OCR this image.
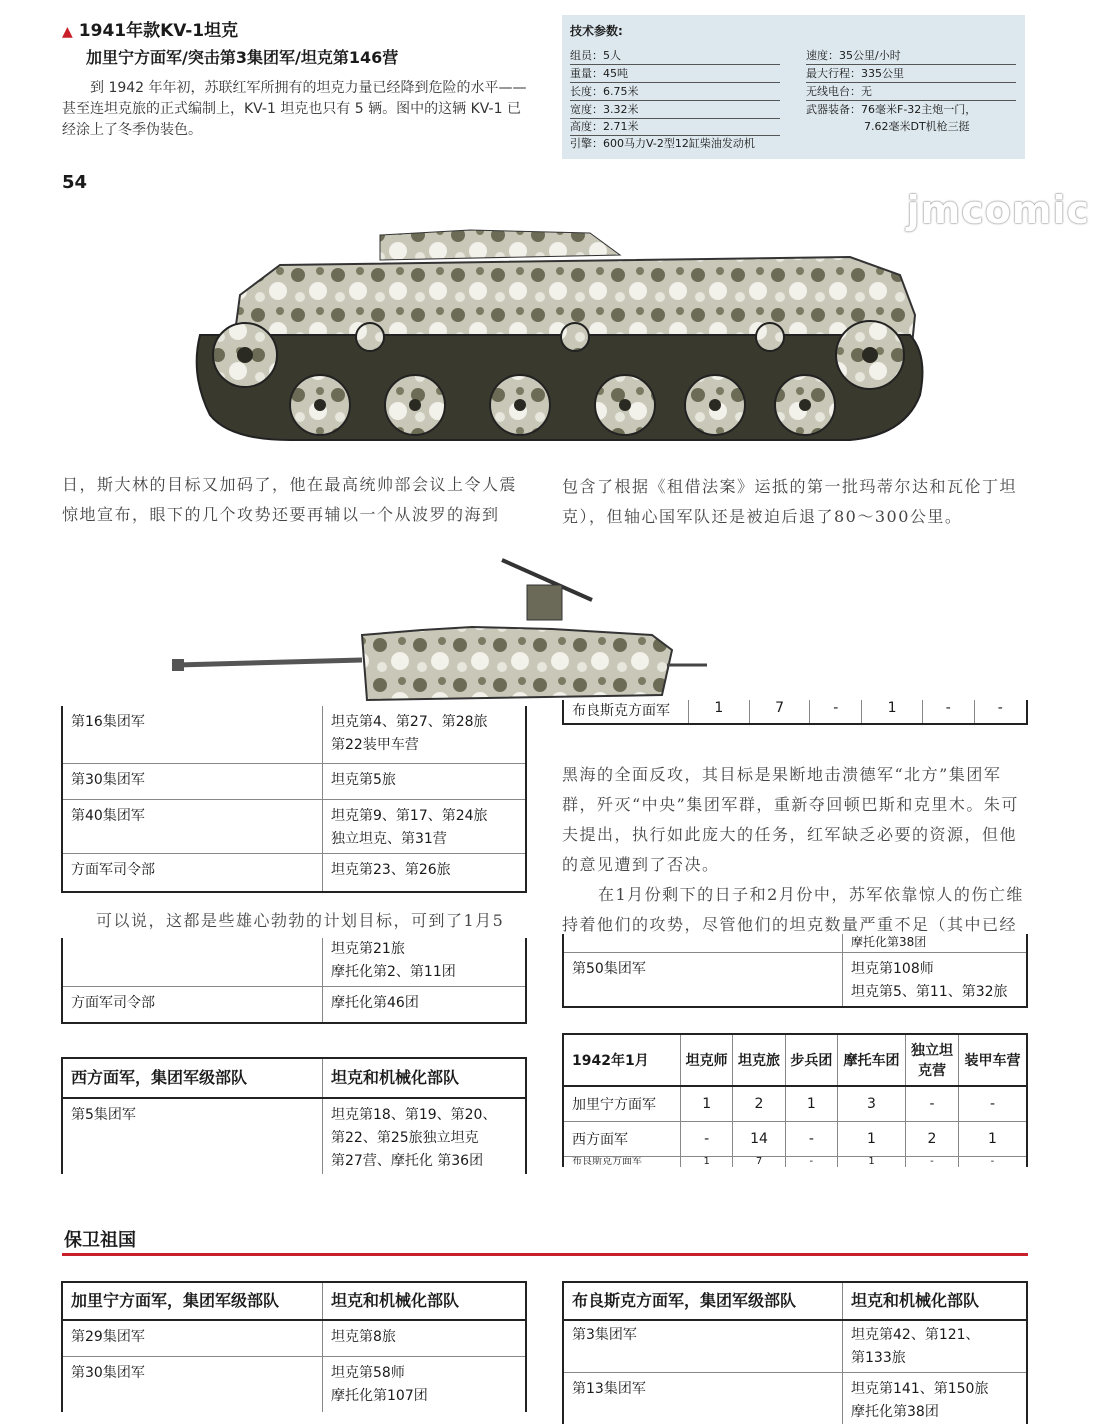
▲ 1941年款KV-1坦克
加里宁方面军/突击第3集团军/坦克第146营
到 1942 年年初，苏联红军所拥有的坦克力量已经降到危险的水平——甚至连坦克旅的正式编制上，KV-1 坦克也只有 5 辆。图中的这辆 KV-1 已经涂上了冬季伪装色。
54
jmcomic
技术参数:
组员：5人
重量：45吨
长度：6.75米
宽度：3.32米
高度：2.71米
引擎：600马力V-2型12缸柴油发动机
速度：35公里/小时
最大行程：335公里
无线电台：无
武器装备：76毫米F-32主炮一门，
7.62毫米DT机枪三挺
日，斯大林的目标又加码了，他在最高统帅部会议上令人震惊地宣布，眼下的几个攻势还要再辅以一个从波罗的海到
包含了根据《租借法案》运抵的第一批玛蒂尔达和瓦伦丁坦克），但轴心国军队还是被迫后退了80～300公里。
布良斯克方面军	1	7	-	1	-	-
第16集团军	坦克第4、第27、第28旅
第22装甲车营

第30集团军	坦克第5旅

第40集团军	坦克第9、第17、第24旅
独立坦克、第31营

方面军司令部	坦克第23、第26旅
黑海的全面反攻，其目标是果断地击溃德军“北方”集团军群，歼灭“中央”集团军群，重新夺回顿巴斯和克里木。朱可夫提出，执行如此庞大的任务，红军缺乏必要的资源，但他的意见遭到了否决。
在1月份剩下的日子和2月份中，苏军依靠惊人的伤亡维持着他们的攻势，尽管他们的坦克数量严重不足（其中已经
可以说，这都是些雄心勃勃的计划目标，可到了1月5

	坦克第21旅
摩托化第2、第11团

方面军司令部	摩托化第46团

	摩托化第38团

第50集团军	坦克第108师
坦克第5、第11、第32旅
西方面军，集团军级部队	坦克和机械化部队
第5集团军	坦克第18、第19、第20、
第22、第25旅独立坦克
第27营、摩托化 第36团
1942年1月	坦克师	坦克旅	步兵团	摩托车团	独立坦克营	装甲车营
加里宁方面军	1	2	1	3	-	-
西方面军	-	14	-	1	2	1
布良斯克方面军	1	7	-	1	-	-
保卫祖国
加里宁方面军，集团军级部队	坦克和机械化部队
第29集团军	坦克第8旅

第30集团军	坦克第58师
摩托化第107团
布良斯克方面军，集团军级部队	坦克和机械化部队
第3集团军	坦克第42、第121、
第133旅

第13集团军	坦克第141、第150旅
摩托化第38团
